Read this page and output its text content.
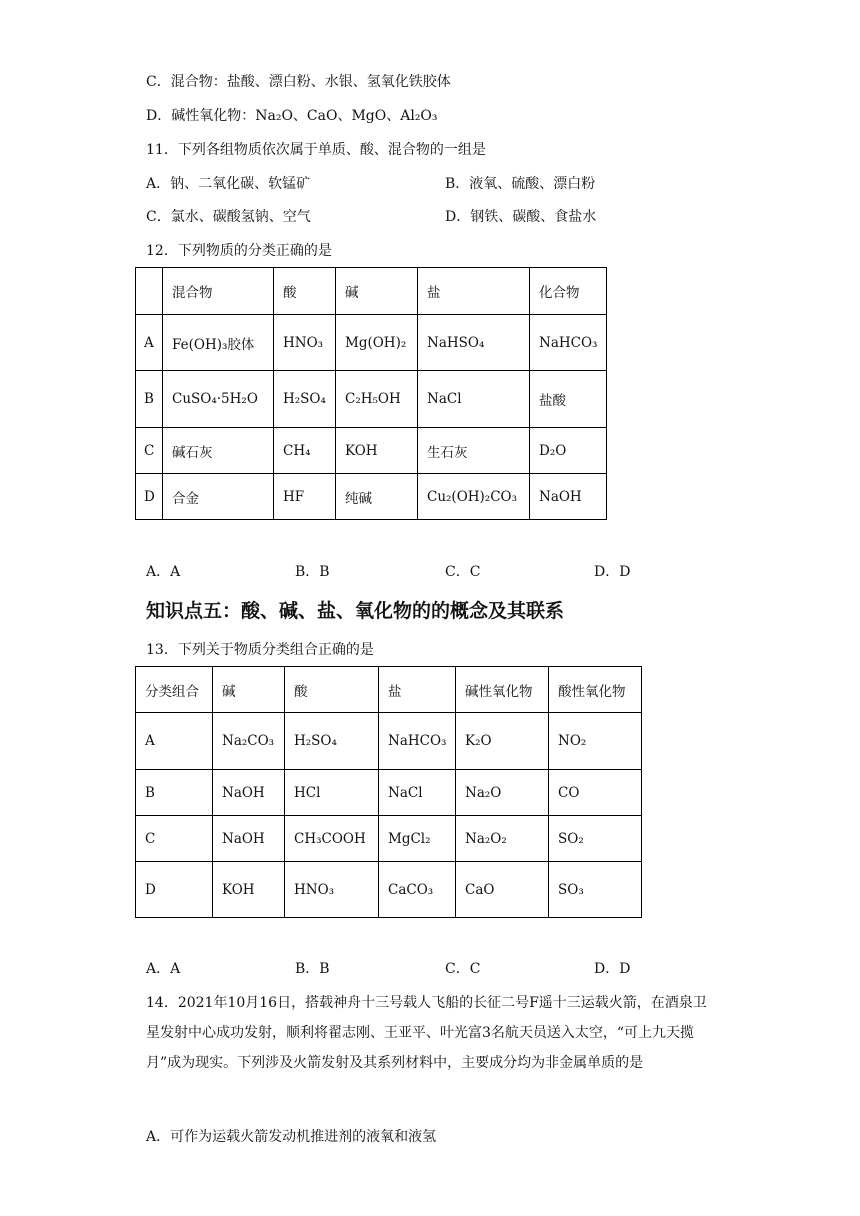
C．混合物：盐酸、漂白粉、水银、氢氧化铁胶体
D．碱性氧化物：Na₂O、CaO、MgO、Al₂O₃
11．下列各组物质依次属于单质、酸、混合物的一组是
A．钠、二氧化碳、软锰矿	B．液氧、硫酸、漂白粉
C．氯水、碳酸氢钠、空气	D．钢铁、碳酸、食盐水
12．下列物质的分类正确的是
	混合物	酸	碱	盐	化合物
A	Fe(OH)₃胶体	HNO₃	Mg(OH)₂	NaHSO₄	NaHCO₃
B	CuSO₄·5H₂O	H₂SO₄	C₂H₅OH	NaCl	盐酸
C	碱石灰	CH₄	KOH	生石灰	D₂O
D	合金	HF	纯碱	Cu₂(OH)₂CO₃	NaOH
A．A	B．B	C．C	D．D
知识点五：酸、碱、盐、氧化物的的概念及其联系
13．下列关于物质分类组合正确的是
分类组合	碱	酸	盐	碱性氧化物	酸性氧化物
A	Na₂CO₃	H₂SO₄	NaHCO₃	K₂O	NO₂
B	NaOH	HCl	NaCl	Na₂O	CO
C	NaOH	CH₃COOH	MgCl₂	Na₂O₂	SO₂
D	KOH	HNO₃	CaCO₃	CaO	SO₃
A．A	B．B	C．C	D．D
14．2021年10月16日，搭载神舟十三号载人飞船的长征二号F遥十三运载火箭，在酒泉卫星发射中心成功发射，顺利将翟志刚、王亚平、叶光富3名航天员送入太空，“可上九天揽月”成为现实。下列涉及火箭发射及其系列材料中，主要成分均为非金属单质的是
A．可作为运载火箭发动机推进剂的液氧和液氢
